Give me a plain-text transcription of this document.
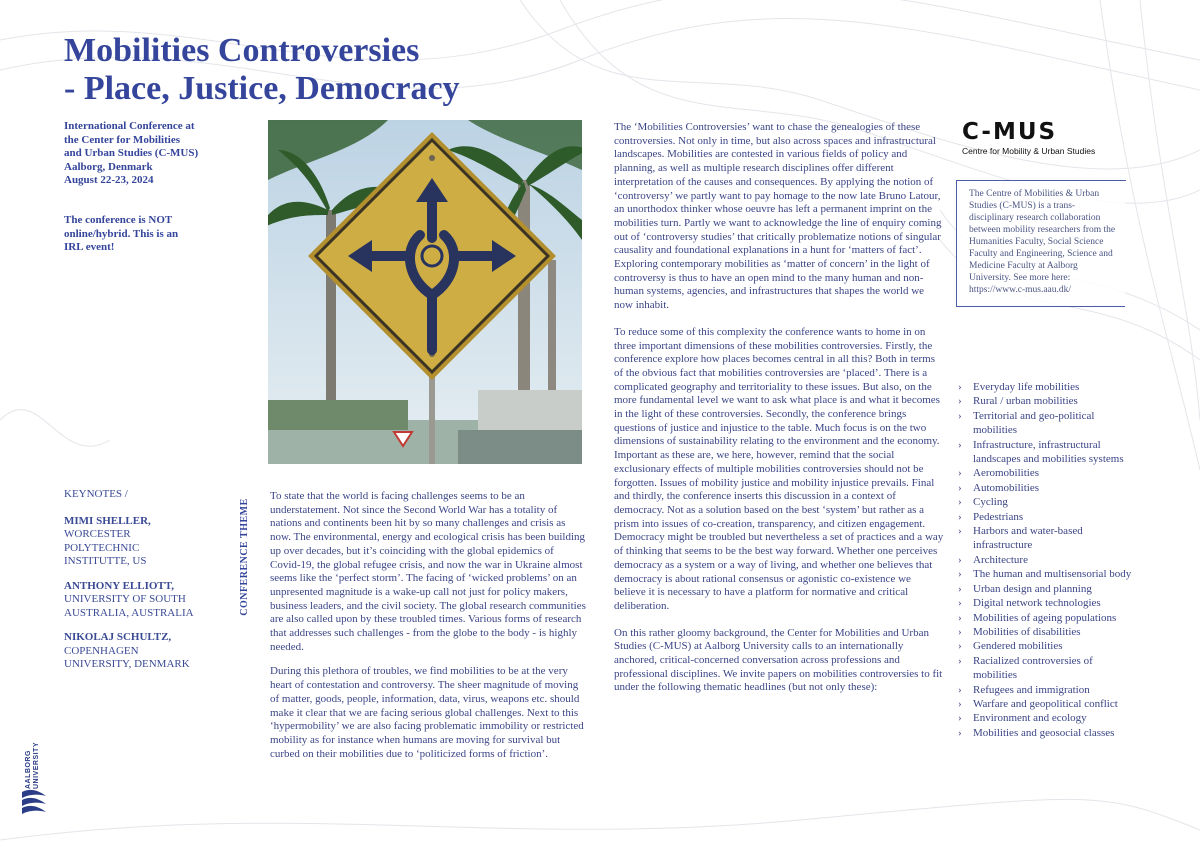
Mobilities Controversies
- Place, Justice, Democracy
International Conference at
the Center for Mobilities
and Urban Studies (C-MUS)
Aalborg, Denmark
August 22-23, 2024
The conference is NOT
online/hybrid. This is an
IRL event!
KEYNOTES /
MIMI SHELLER,
WORCESTER
POLYTECHNIC
INSTITUTTE, US
ANTHONY ELLIOTT,
UNIVERSITY OF SOUTH
AUSTRALIA, AUSTRALIA
NIKOLAJ SCHULTZ,
COPENHAGEN
UNIVERSITY, DENMARK
CONFERENCE THEME

To state that the world is facing challenges seems to be an understatement. Not since the Second World War has a totality of nations and continents been hit by so many challenges and crisis as now. The environmental, energy and ecological crisis has been building up over decades, but it’s coinciding with the global epidemics of Covid-19, the global refugee crisis, and now the war in Ukraine almost seems like the ‘perfect storm’. The facing of ‘wicked problems’ on an unpresented magnitude is a wake-up call not just for policy makers, business leaders, and the civil society. The global research communities are also called upon by these troubled times. Various forms of research that addresses such challenges - from the globe to the body - is highly needed.

During this plethora of troubles, we find mobilities to be at the very heart of contestation and controversy. The sheer magnitude of moving of matter, goods, people, information, data, virus, weapons etc. should make it clear that we are facing serious global challenges. Next to this ‘hypermobility’ we are also facing problematic immobility or restricted mobility as for instance when humans are moving for survival but curbed on their mobilities due to ‘politicized forms of friction’.

The ‘Mobilities Controversies’ want to chase the genealogies of these controversies. Not only in time, but also across spaces and infrastructural landscapes. Mobilities are contested in various fields of policy and planning, as well as multiple research disciplines offer different interpretation of the causes and consequences. By applying the notion of ‘controversy’ we partly want to pay homage to the now late Bruno Latour, an unorthodox thinker whose oeuvre has left a permanent imprint on the mobilities turn. Partly we want to acknowledge the line of enquiry coming out of ‘controversy studies’ that critically problematize notions of singular causality and foundational explanations in a hunt for ‘matters of fact’. Exploring contemporary mobilities as ‘matter of concern’ in the light of controversy is thus to have an open mind to the many human and non-human systems, agencies, and infrastructures that shapes the world we now inhabit.

To reduce some of this complexity the conference wants to home in on three important dimensions of these mobilities controversies. Firstly, the conference explore how places becomes central in all this? Both in terms of the obvious fact that mobilities controversies are ‘placed’. There is a complicated geography and territoriality to these issues. But also, on the more fundamental level we want to ask what place is and what it becomes in the light of these controversies. Secondly, the conference brings questions of justice and injustice to the table. Much focus is on the two dimensions of sustainability relating to the environment and the economy. Important as these are, we here, however, remind that the social exclusionary effects of multiple mobilities controversies should not be forgotten. Issues of mobility justice and mobility injustice prevails. Final and thirdly, the conference inserts this discussion in a context of democracy. Not as a solution based on the best ‘system’ but rather as a prism into issues of co-creation, transparency, and citizen engagement. Democracy might be troubled but nevertheless a set of practices and a way of thinking that seems to be the best way forward. Whether one perceives democracy as a system or a way of living, and whether one believes that democracy is about rational consensus or agonistic co-existence we believe it is necessary to have a platform for normative and critical deliberation.

On this rather gloomy background, the Center for Mobilities and Urban Studies (C-MUS) at Aalborg University calls to an internationally anchored, critical-concerned conversation across professions and professional disciplines. We invite papers on mobilities controversies to fit under the following thematic headlines (but not only these):

C-MUS
Centre for Mobility & Urban Studies
The Centre of Mobilities & Urban Studies (C-MUS) is a trans-disciplinary research collaboration between mobility researchers from the Humanities Faculty, Social Science Faculty and Engineering, Science and Medicine Faculty at Aalborg University. See more here: https://www.c-mus.aau.dk/
› Everyday life mobilities
› Rural / urban mobilities
› Territorial and geo-political mobilities
› Infrastructure, infrastructural landscapes and mobilities systems
› Aeromobilities
› Automobilities
› Cycling
› Pedestrians
› Harbors and water-based infrastructure
› Architecture
› The human and multisensorial body
› Urban design and planning
› Digital network technologies
› Mobilities of ageing populations
› Mobilities of disabilities
› Gendered mobilities
› Racialized controversies of mobilities
› Refugees and immigration
› Warfare and geopolitical conflict
› Environment and ecology
› Mobilities and geosocial classes
AALBORG UNIVERSITY
